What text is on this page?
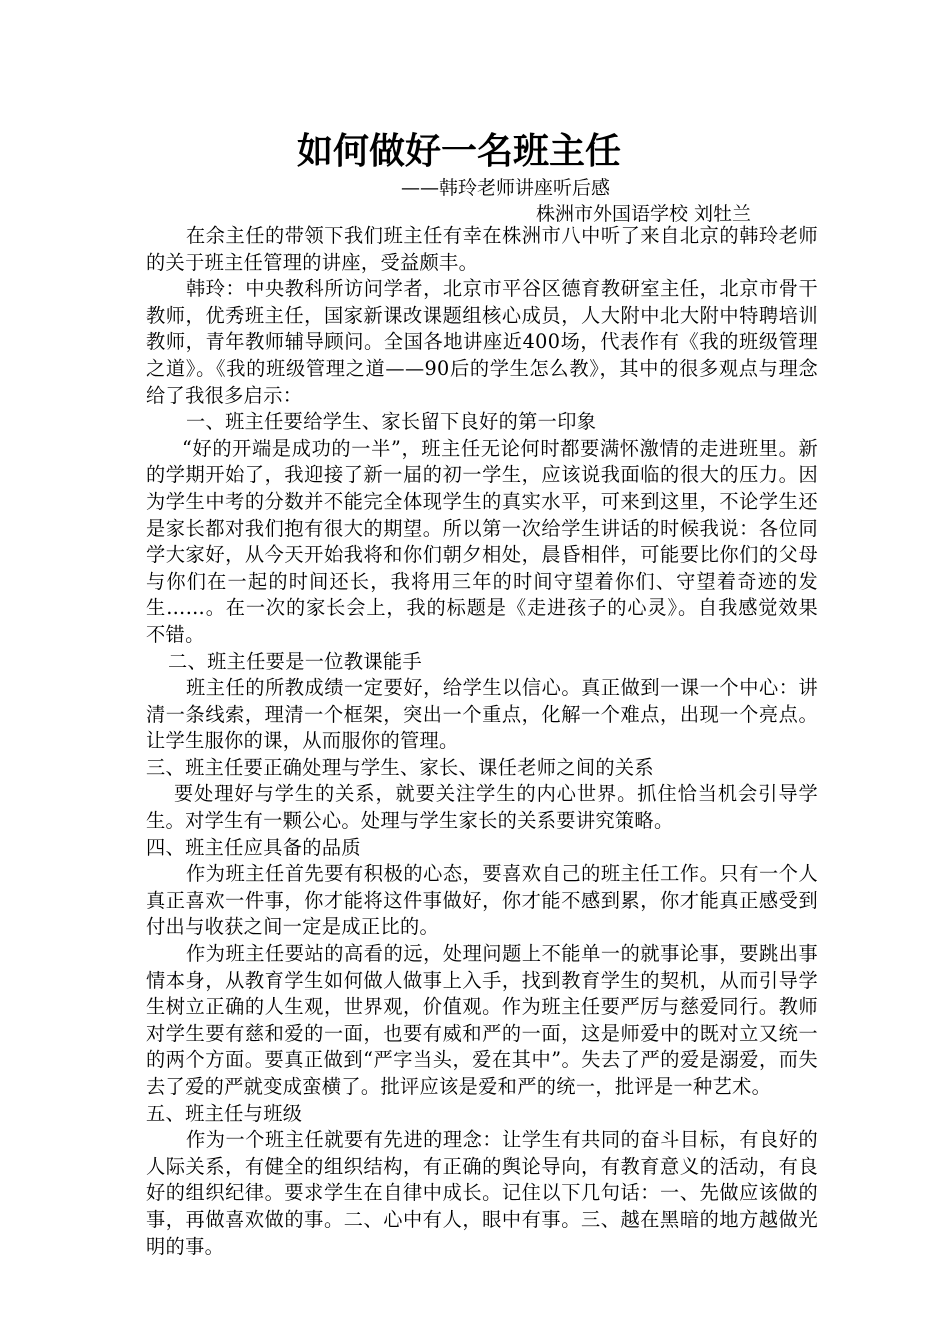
如何做好一名班主任
——韩玲老师讲座听后感
株洲市外国语学校 刘牡兰

在余主任的带领下我们班主任有幸在株洲市八中听了来自北京的韩玲老师的关于班主任管理的讲座，受益颇丰。

韩玲：中央教科所访问学者，北京市平谷区德育教研室主任，北京市骨干教师，优秀班主任，国家新课改课题组核心成员，人大附中北大附中特聘培训教师，青年教师辅导顾问。全国各地讲座近400场，代表作有《我的班级管理之道》。《我的班级管理之道——90后的学生怎么教》，其中的很多观点与理念给了我很多启示：

一、班主任要给学生、家长留下良好的第一印象

“好的开端是成功的一半”，班主任无论何时都要满怀激情的走进班里。新的学期开始了，我迎接了新一届的初一学生，应该说我面临的很大的压力。因为学生中考的分数并不能完全体现学生的真实水平，可来到这里，不论学生还是家长都对我们抱有很大的期望。所以第一次给学生讲话的时候我说：各位同学大家好，从今天开始我将和你们朝夕相处，晨昏相伴，可能要比你们的父母与你们在一起的时间还长，我将用三年的时间守望着你们、守望着奇迹的发生……。在一次的家长会上，我的标题是《走进孩子的心灵》。自我感觉效果不错。

二、班主任要是一位教课能手

班主任的所教成绩一定要好，给学生以信心。真正做到一课一个中心：讲清一条线索，理清一个框架，突出一个重点，化解一个难点，出现一个亮点。让学生服你的课，从而服你的管理。

三、班主任要正确处理与学生、家长、课任老师之间的关系

要处理好与学生的关系，就要关注学生的内心世界。抓住恰当机会引导学生。对学生有一颗公心。处理与学生家长的关系要讲究策略。

四、班主任应具备的品质

作为班主任首先要有积极的心态，要喜欢自己的班主任工作。只有一个人真正喜欢一件事，你才能将这件事做好，你才能不感到累，你才能真正感受到付出与收获之间一定是成正比的。

作为班主任要站的高看的远，处理问题上不能单一的就事论事，要跳出事情本身，从教育学生如何做人做事上入手，找到教育学生的契机，从而引导学生树立正确的人生观，世界观，价值观。作为班主任要严厉与慈爱同行。教师对学生要有慈和爱的一面，也要有威和严的一面，这是师爱中的既对立又统一的两个方面。要真正做到“严字当头，爱在其中”。失去了严的爱是溺爱，而失去了爱的严就变成蛮横了。批评应该是爱和严的统一，批评是一种艺术。

五、班主任与班级

作为一个班主任就要有先进的理念：让学生有共同的奋斗目标，有良好的人际关系，有健全的组织结构，有正确的舆论导向，有教育意义的活动，有良好的组织纪律。要求学生在自律中成长。记住以下几句话：一、先做应该做的事，再做喜欢做的事。二、心中有人，眼中有事。三、越在黑暗的地方越做光明的事。
